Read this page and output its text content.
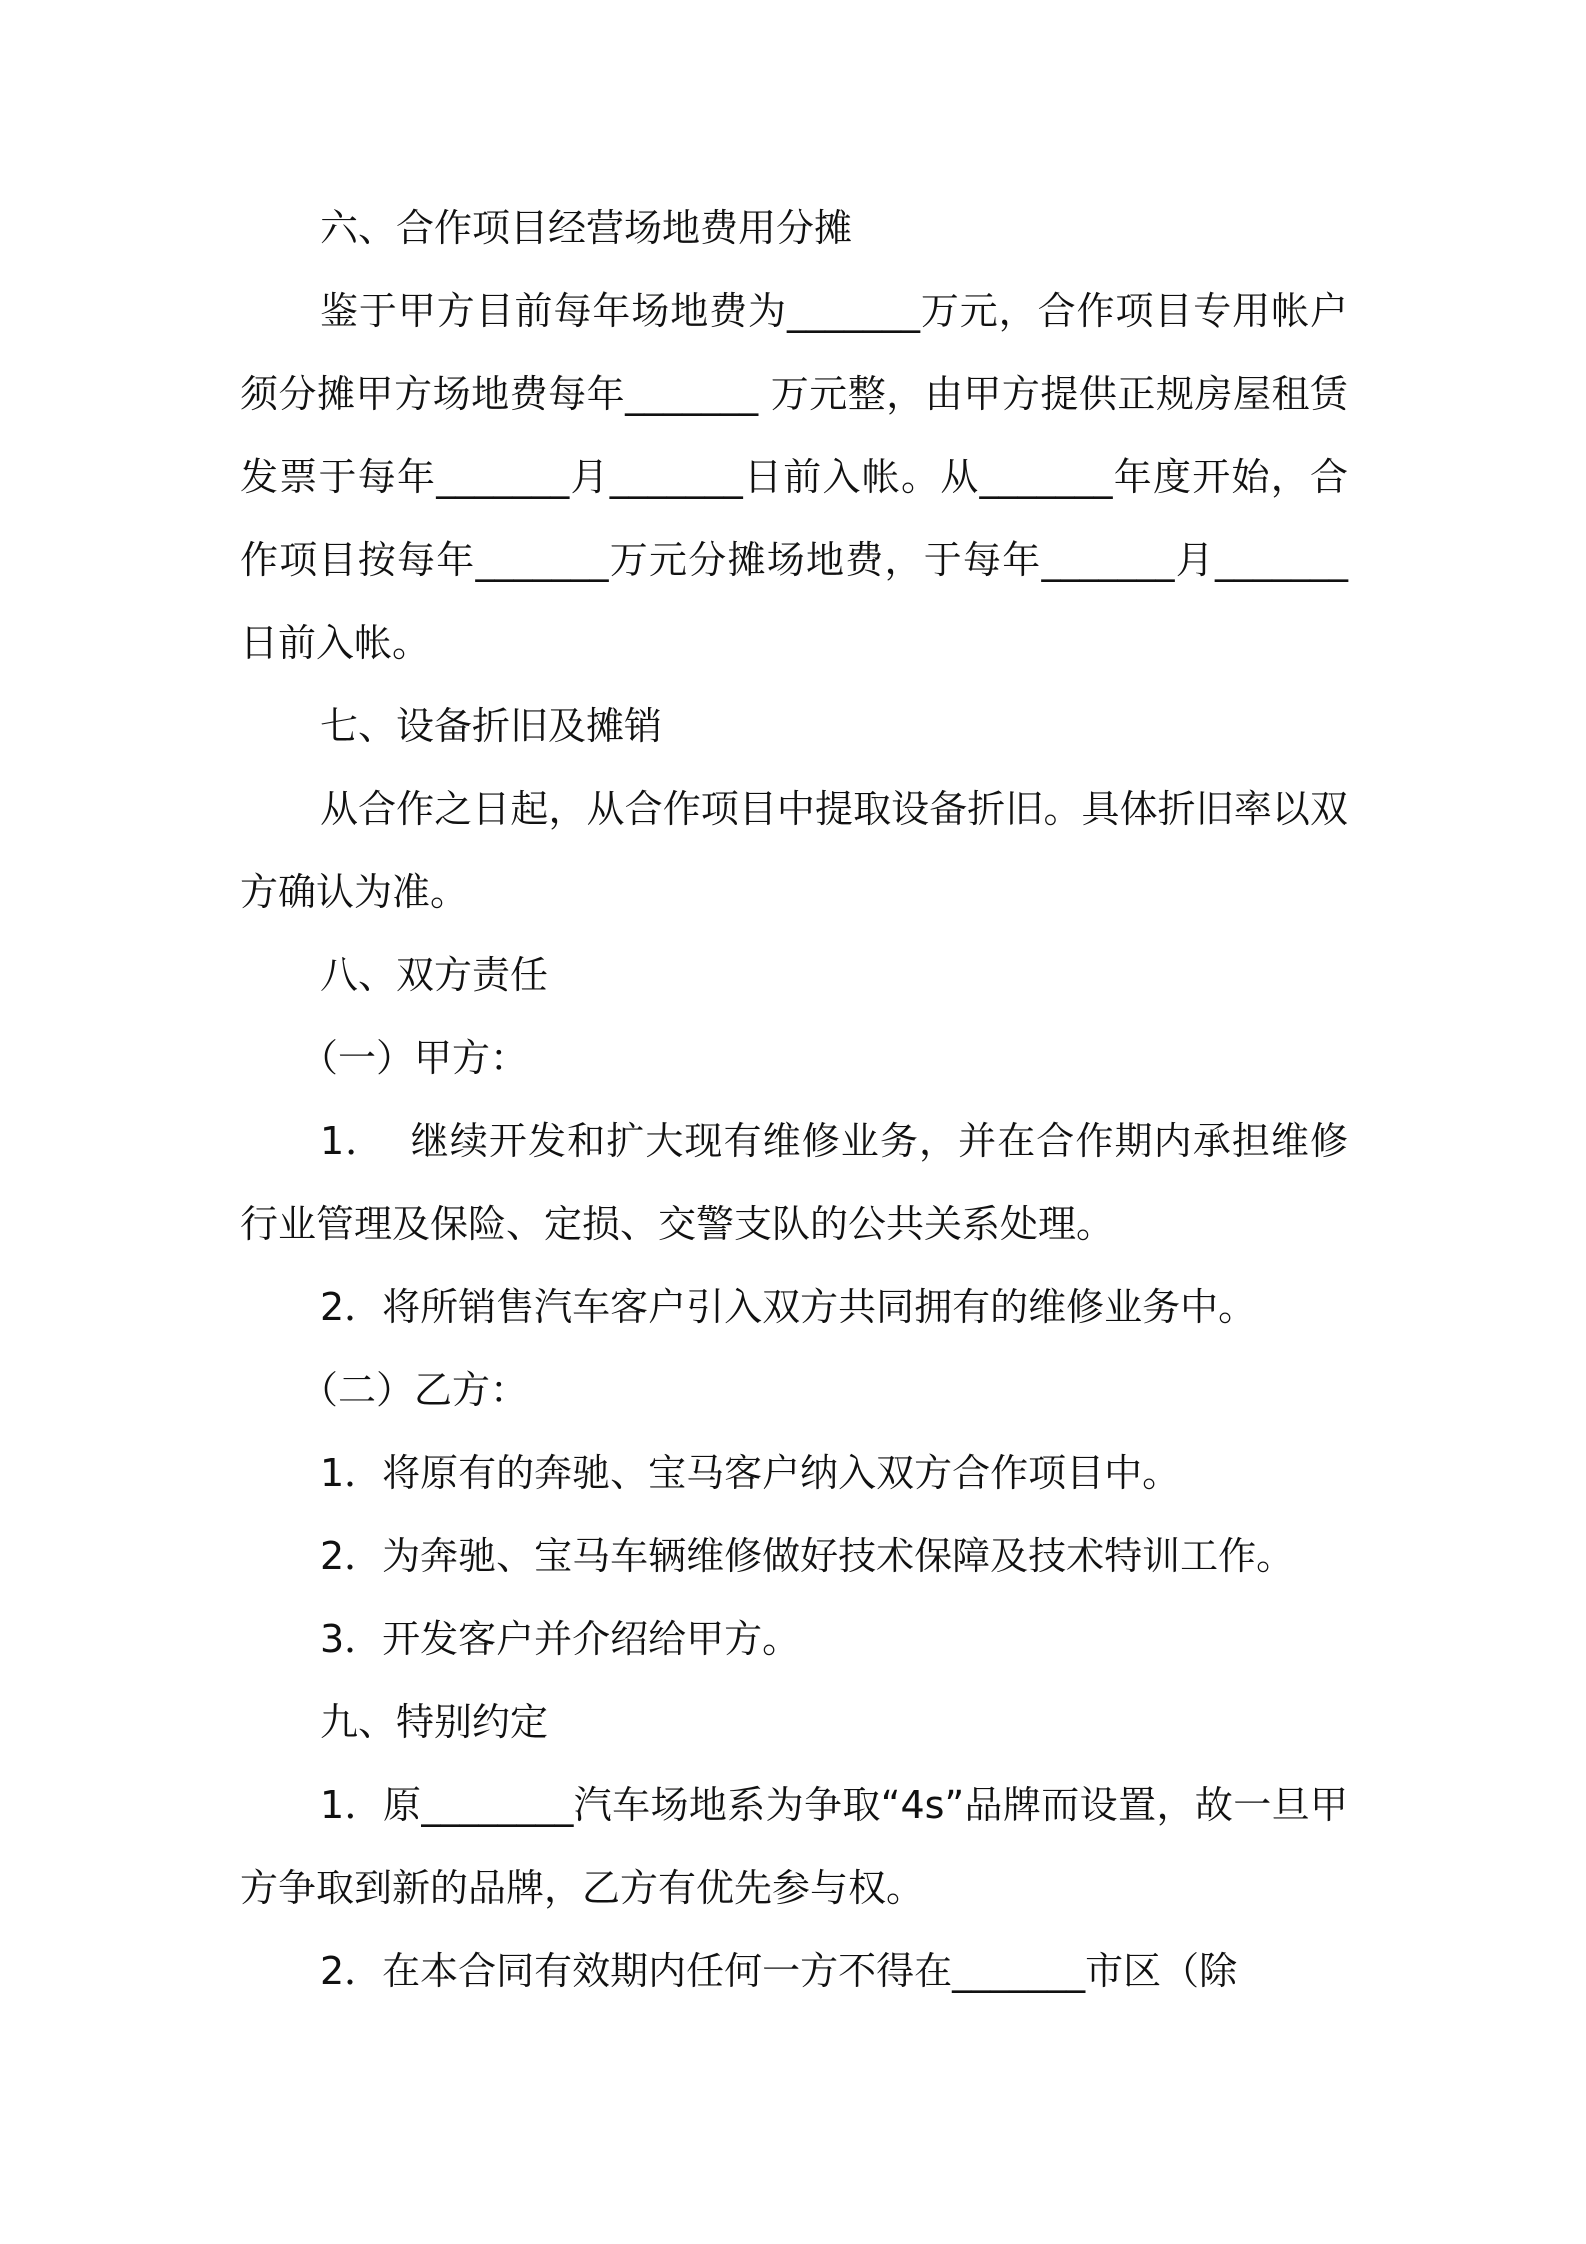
六、合作项目经营场地费用分摊

鉴于甲方目前每年场地费为_______万元，合作项目专用帐户须分摊甲方场地费每年_______ 万元整，由甲方提供正规房屋租赁发票于每年_______月_______日前入帐。从_______年度开始，合作项目按每年_______万元分摊场地费，于每年_______月_______日前入帐。

七、设备折旧及摊销

从合作之日起，从合作项目中提取设备折旧。具体折旧率以双方确认为准。

八、双方责任

（一）甲方：

1．  继续开发和扩大现有维修业务，并在合作期内承担维修行业管理及保险、定损、交警支队的公共关系处理。

2．将所销售汽车客户引入双方共同拥有的维修业务中。

（二）乙方：

1．将原有的奔驰、宝马客户纳入双方合作项目中。

2．为奔驰、宝马车辆维修做好技术保障及技术特训工作。

3．开发客户并介绍给甲方。

九、特别约定

1．原________汽车场地系为争取“4s”品牌而设置，故一旦甲方争取到新的品牌，乙方有优先参与权。

2．在本合同有效期内任何一方不得在_______市区（除
